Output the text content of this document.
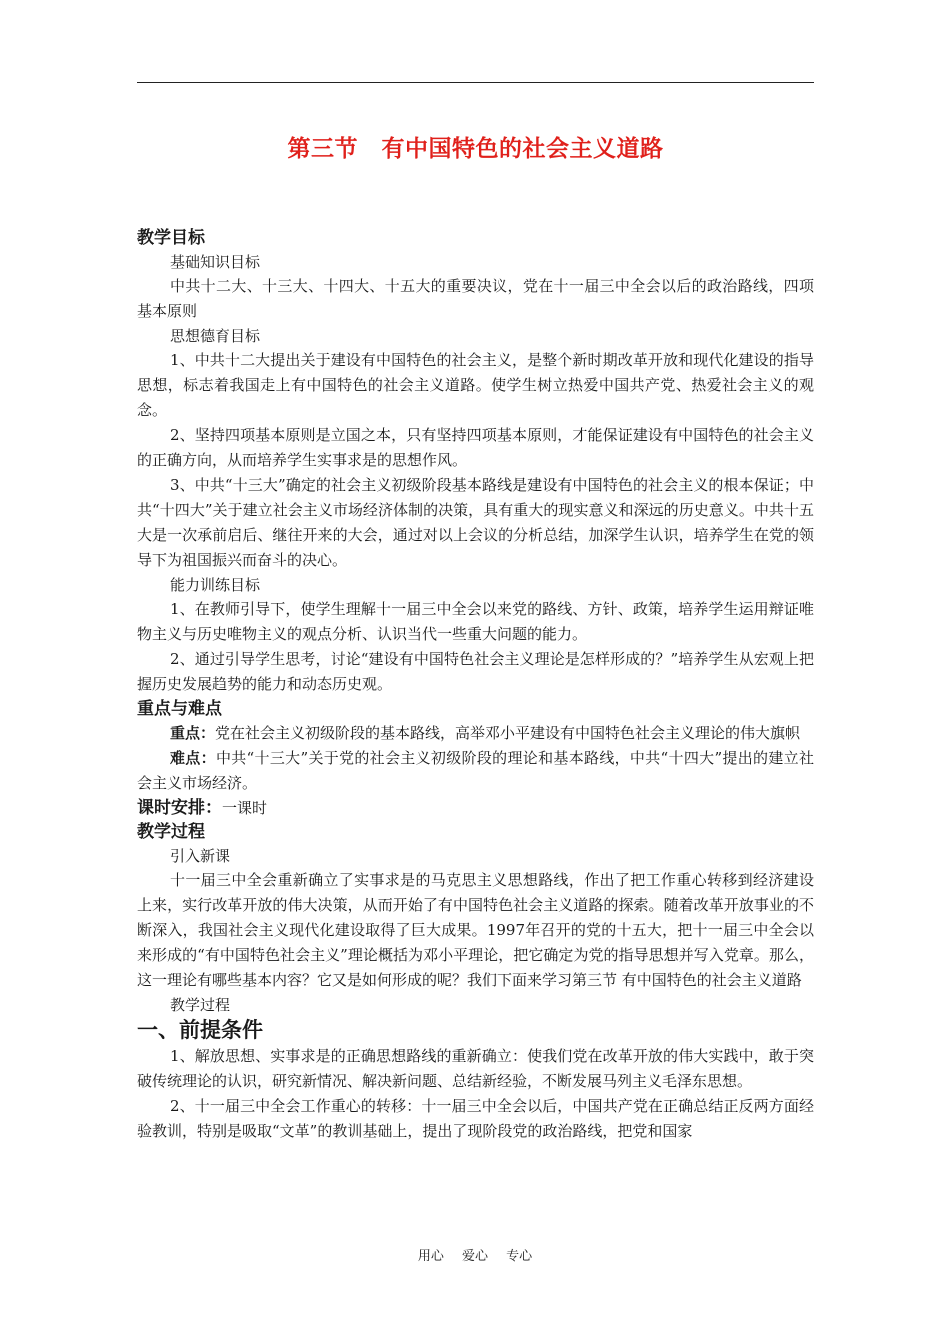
第三节　有中国特色的社会主义道路
教学目标
基础知识目标

中共十二大、十三大、十四大、十五大的重要决议，党在十一届三中全会以后的政治路线，四项基本原则

思想德育目标

1、中共十二大提出关于建设有中国特色的社会主义，是整个新时期改革开放和现代化建设的指导思想，标志着我国走上有中国特色的社会主义道路。使学生树立热爱中国共产党、热爱社会主义的观念。

2、坚持四项基本原则是立国之本，只有坚持四项基本原则，才能保证建设有中国特色的社会主义的正确方向，从而培养学生实事求是的思想作风。

3、中共“十三大”确定的社会主义初级阶段基本路线是建设有中国特色的社会主义的根本保证；中共“十四大”关于建立社会主义市场经济体制的决策，具有重大的现实意义和深远的历史意义。中共十五大是一次承前启后、继往开来的大会，通过对以上会议的分析总结，加深学生认识，培养学生在党的领导下为祖国振兴而奋斗的决心。

能力训练目标

1、在教师引导下，使学生理解十一届三中全会以来党的路线、方针、政策，培养学生运用辩证唯物主义与历史唯物主义的观点分析、认识当代一些重大问题的能力。

2、通过引导学生思考，讨论“建设有中国特色社会主义理论是怎样形成的？”培养学生从宏观上把握历史发展趋势的能力和动态历史观。

重点与难点

重点：党在社会主义初级阶段的基本路线，高举邓小平建设有中国特色社会主义理论的伟大旗帜

难点：中共“十三大”关于党的社会主义初级阶段的理论和基本路线，中共“十四大”提出的建立社会主义市场经济。

课时安排：一课时
教学过程
引入新课

十一届三中全会重新确立了实事求是的马克思主义思想路线，作出了把工作重心转移到经济建设上来，实行改革开放的伟大决策，从而开始了有中国特色社会主义道路的探索。随着改革开放事业的不断深入，我国社会主义现代化建设取得了巨大成果。1997年召开的党的十五大，把十一届三中全会以来形成的“有中国特色社会主义”理论概括为邓小平理论，把它确定为党的指导思想并写入党章。那么，这一理论有哪些基本内容？它又是如何形成的呢？我们下面来学习第三节 有中国特色的社会主义道路

教学过程
一、前提条件

1、解放思想、实事求是的正确思想路线的重新确立：使我们党在改革开放的伟大实践中，敢于突破传统理论的认识，研究新情况、解决新问题、总结新经验，不断发展马列主义毛泽东思想。

2、十一届三中全会工作重心的转移：十一届三中全会以后，中国共产党在正确总结正反两方面经验教训，特别是吸取“文革”的教训基础上，提出了现阶段党的政治路线，把党和国家

用心 爱心 专心
